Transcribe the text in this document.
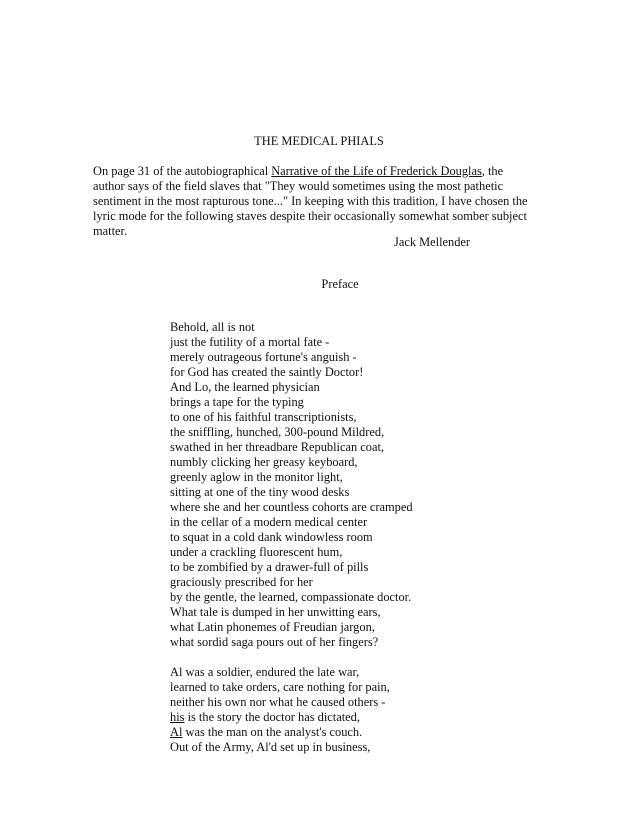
THE MEDICAL PHIALS
On page 31 of the autobiographical Narrative of the Life of Frederick Douglas, the
author says of the field slaves that "They would sometimes using the most pathetic
sentiment in the most rapturous tone..." In keeping with this tradition, I have chosen the
lyric mode for the following staves despite their occasionally somewhat somber subject
matter.
Jack Mellender
Preface
Behold, all is not
just the futility of a mortal fate -
merely outrageous fortune's anguish -
for God has created the saintly Doctor!
And Lo, the learned physician
brings a tape for the typing
to one of his faithful transcriptionists,
the sniffling, hunched, 300-pound Mildred,
swathed in her threadbare Republican coat,
numbly clicking her greasy keyboard,
greenly aglow in the monitor light,
sitting at one of the tiny wood desks
where she and her countless cohorts are cramped
in the cellar of a modern medical center
to squat in a cold dank windowless room
under a crackling fluorescent hum,
to be zombified by a drawer-full of pills
graciously prescribed for her
by the gentle, the learned, compassionate doctor.
What tale is dumped in her unwitting ears,
what Latin phonemes of Freudian jargon,
what sordid saga pours out of her fingers?
Al was a soldier, endured the late war,
learned to take orders, care nothing for pain,
neither his own nor what he caused others -
his is the story the doctor has dictated,
Al was the man on the analyst's couch.
Out of the Army, Al'd set up in business,
